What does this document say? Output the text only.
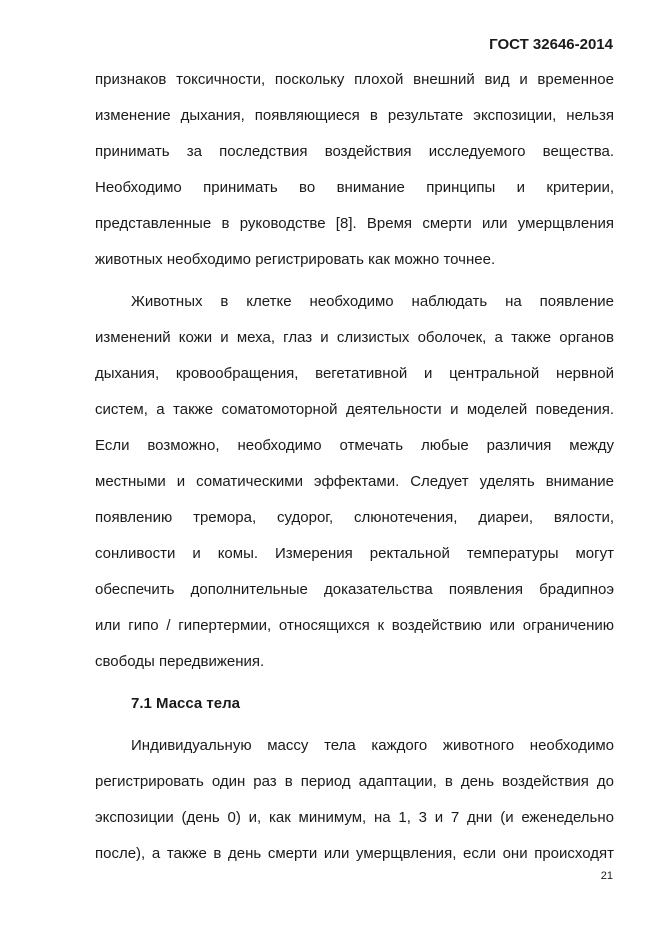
ГОСТ 32646-2014
признаков токсичности, поскольку плохой внешний вид и временное
изменение дыхания, появляющиеся в результате экспозиции, нельзя
принимать за последствия воздействия исследуемого вещества.
Необходимо принимать во внимание принципы и критерии,
представленные в руководстве [8]. Время смерти или умерщвления
животных необходимо регистрировать как можно точнее.
Животных в клетке необходимо наблюдать на появление
изменений кожи и меха, глаз и слизистых оболочек, а также органов
дыхания, кровообращения, вегетативной и центральной нервной
систем, а также соматомоторной деятельности и моделей поведения.
Если возможно, необходимо отмечать любые различия между
местными и соматическими эффектами. Следует уделять внимание
появлению тремора, судорог, слюнотечения, диареи, вялости,
сонливости и комы. Измерения ректальной температуры могут
обеспечить дополнительные доказательства появления брадипноэ
или гипо / гипертермии, относящихся к воздействию или ограничению
свободы передвижения.
7.1 Масса тела
Индивидуальную массу тела каждого животного необходимо
регистрировать один раз в период адаптации, в день воздействия до
экспозиции (день 0) и, как минимум, на 1, 3 и 7 дни (и еженедельно
после), а также в день смерти или умерщвления, если они происходят
21
